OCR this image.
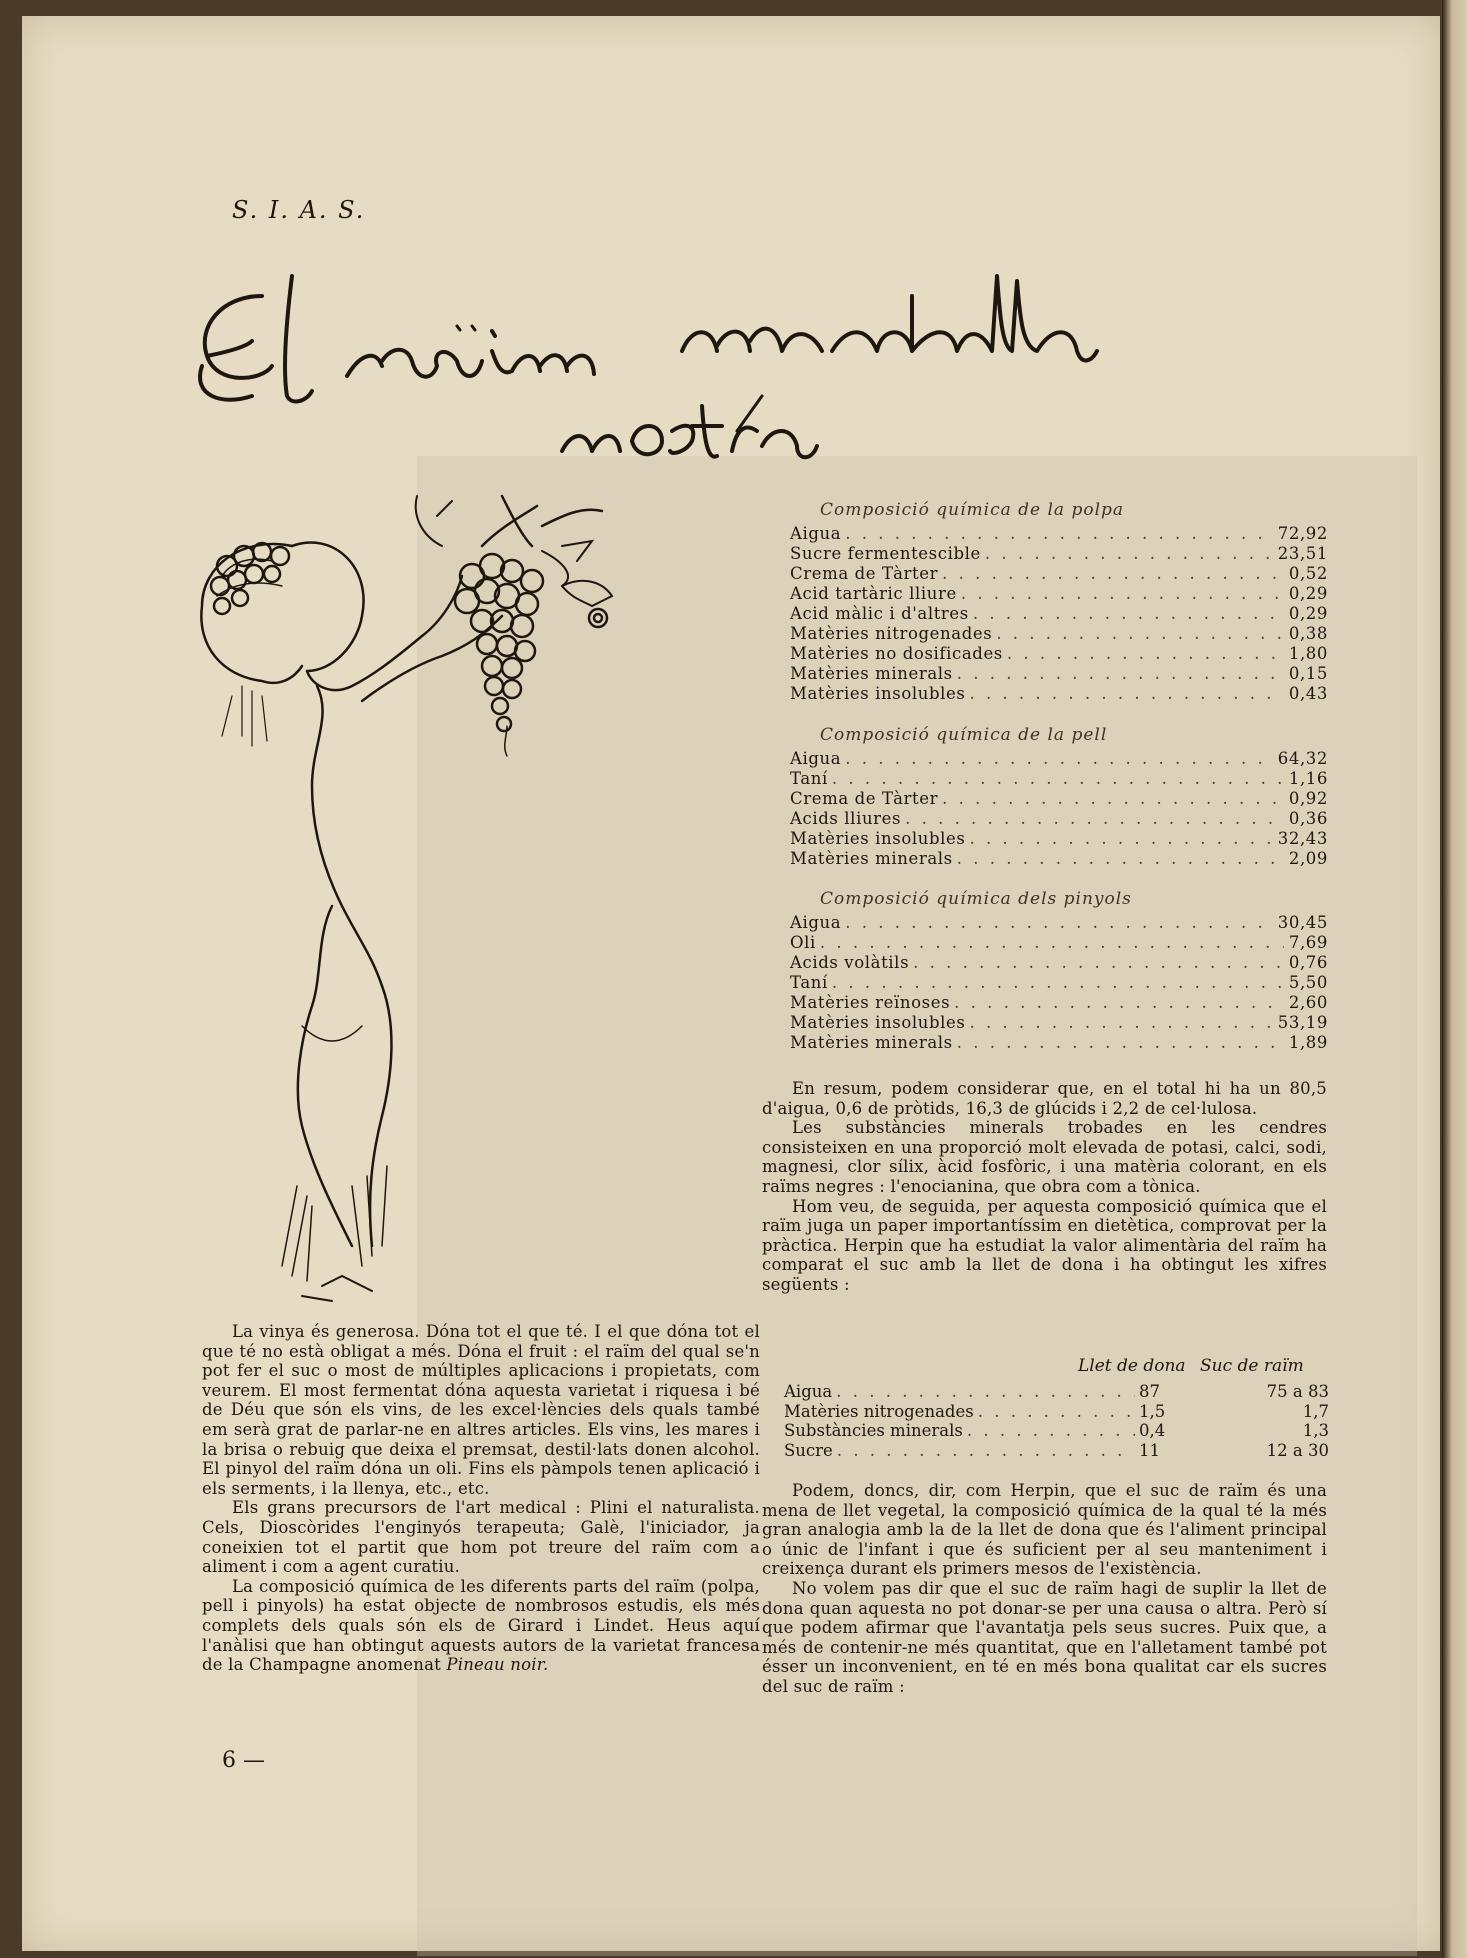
S. I. A. S.
Composició química de la polpa
Aigua . . .	72,92
Sucre fermentescible . . .	23,51
Crema de Tàrter . . .	0,52
Acid tartàric lliure . . .	0,29
Acid màlic i d'altres . . .	0,29
Matèries nitrogenades . . .	0,38
Matèries no dosificades . . .	1,80
Matèries minerals . . .	0,15
Matèries insolubles . . .	0,43
Composició química de la pell
Aigua . . .	64,32
Taní . . .	1,16
Crema de Tàrter . . .	0,92
Acids lliures . . .	0,36
Matèries insolubles . . .	32,43
Matèries minerals . . .	2,09
Composició química dels pinyols
Aigua . . .	30,45
Oli . . .	7,69
Acids volàtils . . .	0,76
Taní . . .	5,50
Matèries reïnoses . . .	2,60
Matèries insolubles . . .	53,19
Matèries minerals . . .	1,89

En resum, podem considerar que, en el total hi ha un 80,5 d'aigua, 0,6 de pròtids, 16,3 de glúcids i 2,2 de cel·lulosa.

Les substàncies minerals trobades en les cendres consisteixen en una proporció molt elevada de potasi, calci, sodi, magnesi, clor sílix, àcid fosfòric, i una matèria colorant, en els raïms negres : l'enocianina, que obra com a tònica.

Hom veu, de seguida, per aquesta composició química que el raïm juga un paper importantíssim en dietètica, comprovat per la pràctica. Herpin que ha estudiat la valor alimentària del raïm ha comparat el suc amb la llet de dona i ha obtingut les xifres següents :

Llet de dona Suc de raïm
Aigua . . .	87	75 a 83
Matèries nitrogenades . . .	1,5	1,7
Substàncies minerals . . .	0,4	1,3
Sucre . . .	11	12 a 30

Podem, doncs, dir, com Herpin, que el suc de raïm és una mena de llet vegetal, la composició química de la qual té la més gran analogia amb la de la llet de dona que és l'aliment principal o únic de l'infant i que és suficient per al seu manteniment i creixença durant els primers mesos de l'existència.

No volem pas dir que el suc de raïm hagi de suplir la llet de dona quan aquesta no pot donar-se per una causa o altra. Però sí que podem afirmar que l'avantatja pels seus sucres. Puix que, a més de contenir-ne més quantitat, que en l'alletament també pot ésser un inconvenient, en té en més bona qualitat car els sucres del suc de raïm :

La vinya és generosa. Dóna tot el que té. I el que dóna tot el que té no està obligat a més. Dóna el fruit : el raïm del qual se'n pot fer el suc o most de múltiples aplicacions i propietats, com veurem. El most fermentat dóna aquesta varietat i riquesa i bé de Déu que són els vins, de les excel·lències dels quals també em serà grat de parlar-ne en altres articles. Els vins, les mares i la brisa o rebuig que deixa el premsat, destil·lats donen alcohol. El pinyol del raïm dóna un oli. Fins els pàmpols tenen aplicació i els serments, i la llenya, etc., etc.

Els grans precursors de l'art medical : Plini el naturalista. Cels, Dioscòrides l'enginyós terapeuta; Galè, l'iniciador, ja coneixien tot el partit que hom pot treure del raïm com a aliment i com a agent curatiu.

La composició química de les diferents parts del raïm (polpa, pell i pinyols) ha estat objecte de nombrosos estudis, els més complets dels quals són els de Girard i Lindet. Heus aquí l'anàlisi que han obtingut aquests autors de la varietat francesa de la Champagne anomenat Pineau noir.

6 —
